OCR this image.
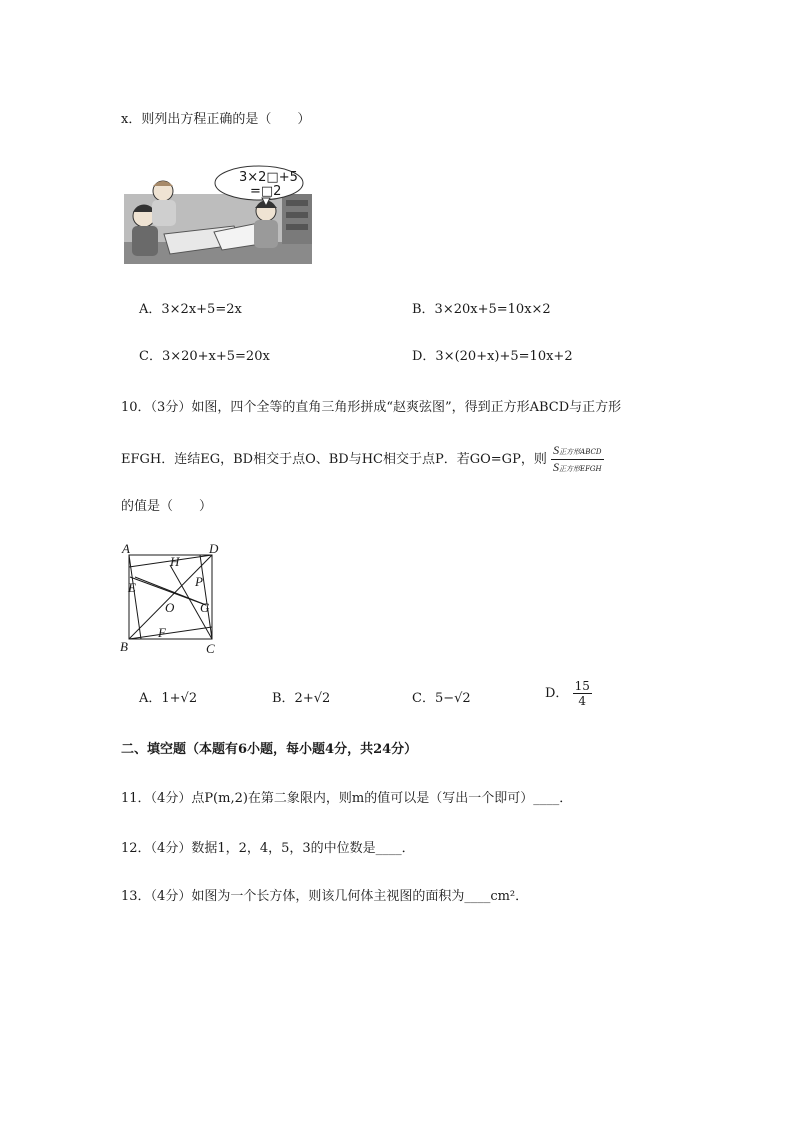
x．则列出方程正确的是（　　）
3×2□+5
=□2
A．3×2x+5=2x	B．3×20x+5=10x×2
C．3×20+x+5=20x	D．3×(20+x)+5=10x+2
10．（3分）如图，四个全等的直角三角形拼成“赵爽弦图”，得到正方形ABCD与正方形
EFGH．连结EG，BD相交于点O、BD与HC相交于点P．若GO=GP，则 $\frac{\text{S正方形ABCD}}{\text{S正方形EFGH}}$
的值是（　　）
A	D
H
P
E
O G
F
B	C
A．1+√2	B．2+√2	C．5−√2	D． $\frac{15}{4}$
二、填空题（本题有6小题，每小题4分，共24分）
11．（4分）点P(m,2)在第二象限内，则m的值可以是（写出一个即可）____．
12．（4分）数据1，2，4，5，3的中位数是____．
13．（4分）如图为一个长方体，则该几何体主视图的面积为____cm²．
